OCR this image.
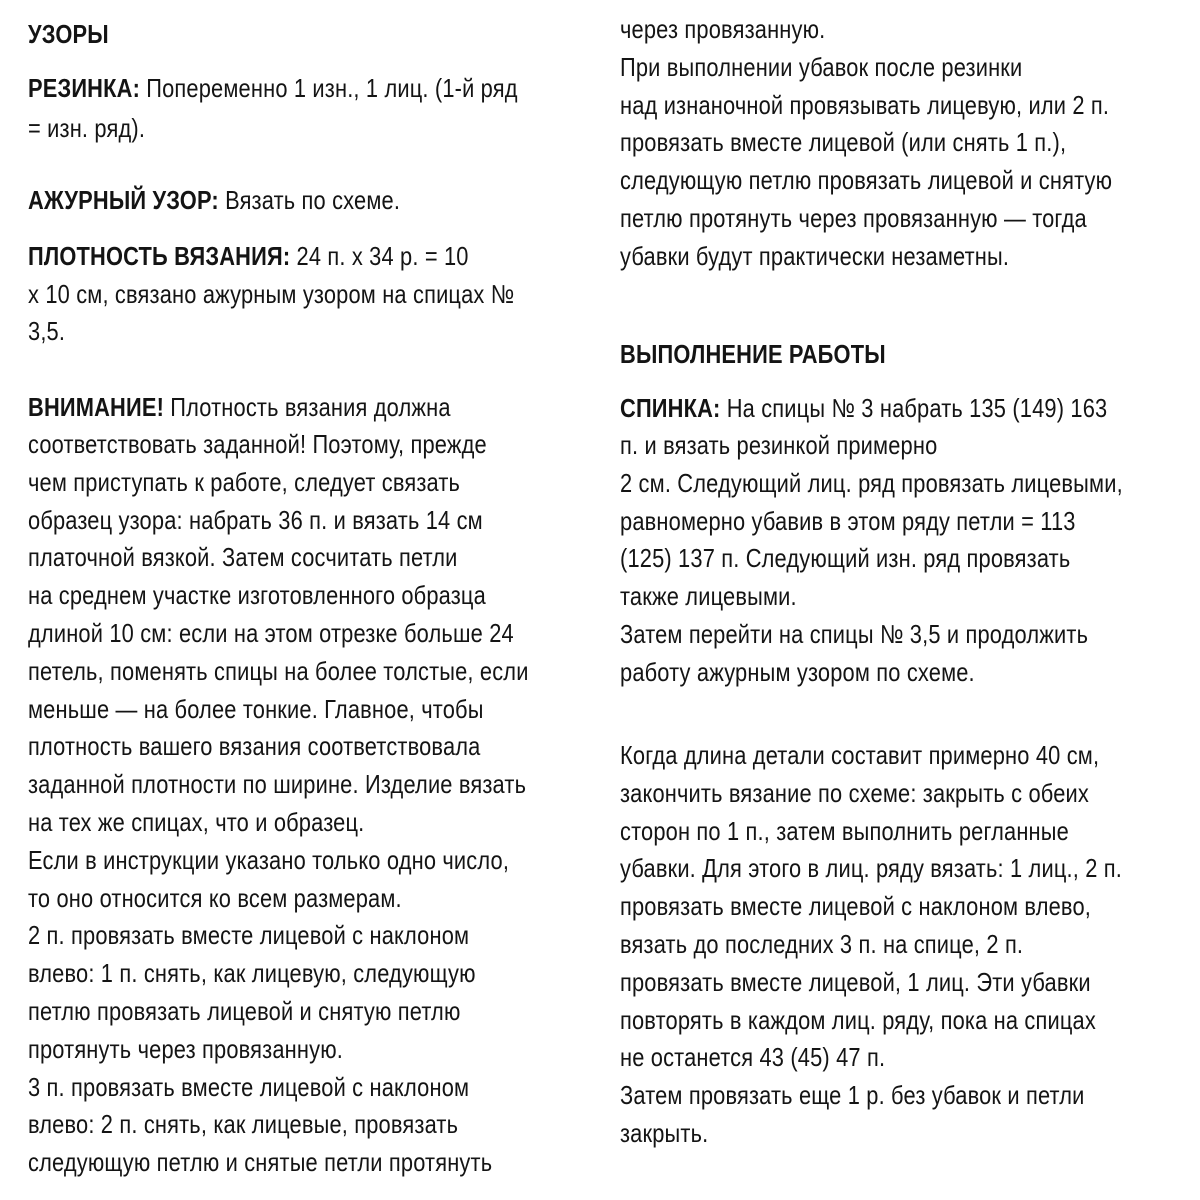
УЗОРЫ
РЕЗИНКА: Попеременно 1 изн., 1 лиц. (1-й ряд
= изн. ряд).
АЖУРНЫЙ УЗОР: Вязать по схеме.
ПЛОТНОСТЬ ВЯЗАНИЯ: 24 п. х 34 р. = 10
х 10 см, связано ажурным узором на спицах №
3,5.
ВНИМАНИЕ! Плотность вязания должна
соответствовать заданной! Поэтому, прежде
чем приступать к работе, следует связать
образец узора: набрать 36 п. и вязать 14 см
платочной вязкой. Затем сосчитать петли
на среднем участке изготовленного образца
длиной 10 см: если на этом отрезке больше 24
петель, поменять спицы на более толстые, если
меньше — на более тонкие. Главное, чтобы
плотность вашего вязания соответствовала
заданной плотности по ширине. Изделие вязать
на тех же спицах, что и образец.
Если в инструкции указано только одно число,
то оно относится ко всем размерам.
2 п. провязать вместе лицевой с наклоном
влево: 1 п. снять, как лицевую, следующую
петлю провязать лицевой и снятую петлю
протянуть через провязанную.
3 п. провязать вместе лицевой с наклоном
влево: 2 п. снять, как лицевые, провязать
следующую петлю и снятые петли протянуть
через провязанную.
При выполнении убавок после резинки
над изнаночной провязывать лицевую, или 2 п.
провязать вместе лицевой (или снять 1 п.),
следующую петлю провязать лицевой и снятую
петлю протянуть через провязанную — тогда
убавки будут практически незаметны.
ВЫПОЛНЕНИЕ РАБОТЫ
СПИНКА: На спицы № 3 набрать 135 (149) 163
п. и вязать резинкой примерно
2 см. Следующий лиц. ряд провязать лицевыми,
равномерно убавив в этом ряду петли = 113
(125) 137 п. Следующий изн. ряд провязать
также лицевыми.
Затем перейти на спицы № 3,5 и продолжить
работу ажурным узором по схеме.
Когда длина детали составит примерно 40 см,
закончить вязание по схеме: закрыть с обеих
сторон по 1 п., затем выполнить регланные
убавки. Для этого в лиц. ряду вязать: 1 лиц., 2 п.
провязать вместе лицевой с наклоном влево,
вязать до последних 3 п. на спице, 2 п.
провязать вместе лицевой, 1 лиц. Эти убавки
повторять в каждом лиц. ряду, пока на спицах
не останется 43 (45) 47 п.
Затем провязать еще 1 р. без убавок и петли
закрыть.
